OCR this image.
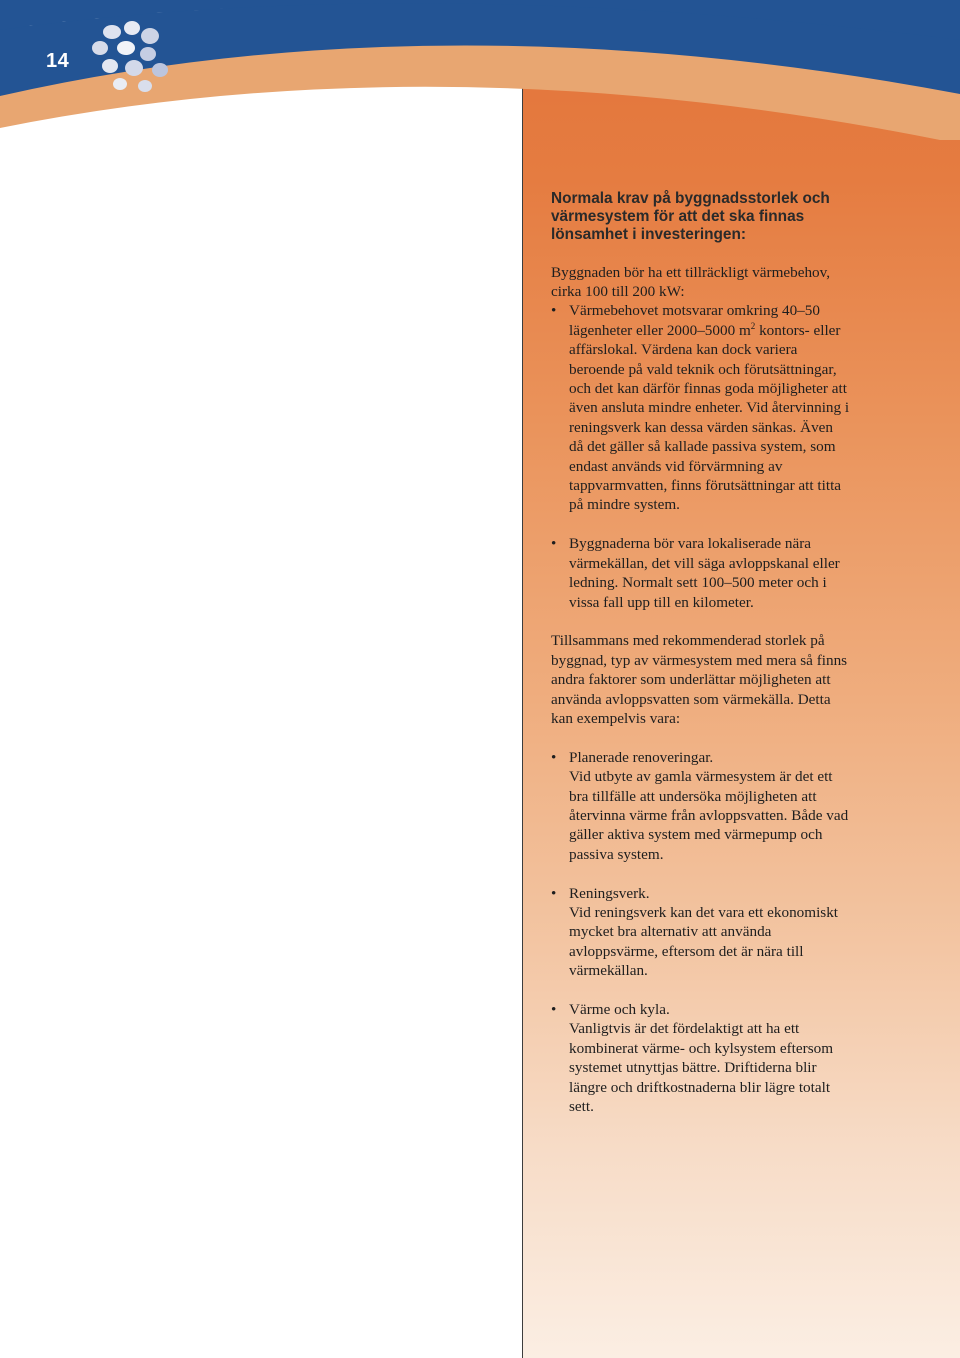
14

Normala krav på byggnadsstorlek och värmesystem för att det ska finnas lönsamhet i investeringen:

Byggnaden bör ha ett tillräckligt värmebehov, cirka 100 till 200 kW:

• Värmebehovet motsvarar omkring 40–50 lägenheter eller 2000–5000 $m^2$ kontors- eller affärslokal. Värdena kan dock variera beroende på vald teknik och förutsättningar, och det kan därför finnas goda möjligheter att även ansluta mindre enheter. Vid återvinning i reningsverk kan dessa värden sänkas. Även då det gäller så kallade passiva system, som endast används vid förvärmning av tappvarmvatten, finns förutsättningar att titta på mindre system.
• Byggnaderna bör vara lokaliserade nära värmekällan, det vill säga avloppskanal eller ledning. Normalt sett 100–500 meter och i vissa fall upp till en kilometer.

Tillsammans med rekommenderad storlek på byggnad, typ av värmesystem med mera så finns andra faktorer som underlättar möjligheten att använda avloppsvatten som värmekälla. Detta kan exempelvis vara:

• Planerade renoveringar.
Vid utbyte av gamla värmesystem är det ett bra tillfälle att undersöka möjligheten att återvinna värme från avloppsvatten. Både vad gäller aktiva system med värmepump och passiva system.
• Reningsverk.
Vid reningsverk kan det vara ett ekonomiskt mycket bra alternativ att använda avloppsvärme, eftersom det är nära till värmekällan.
• Värme och kyla.
Vanligtvis är det fördelaktigt att ha ett kombinerat värme- och kylsystem eftersom systemet utnyttjas bättre. Driftiderna blir längre och driftkostnaderna blir lägre totalt sett.
